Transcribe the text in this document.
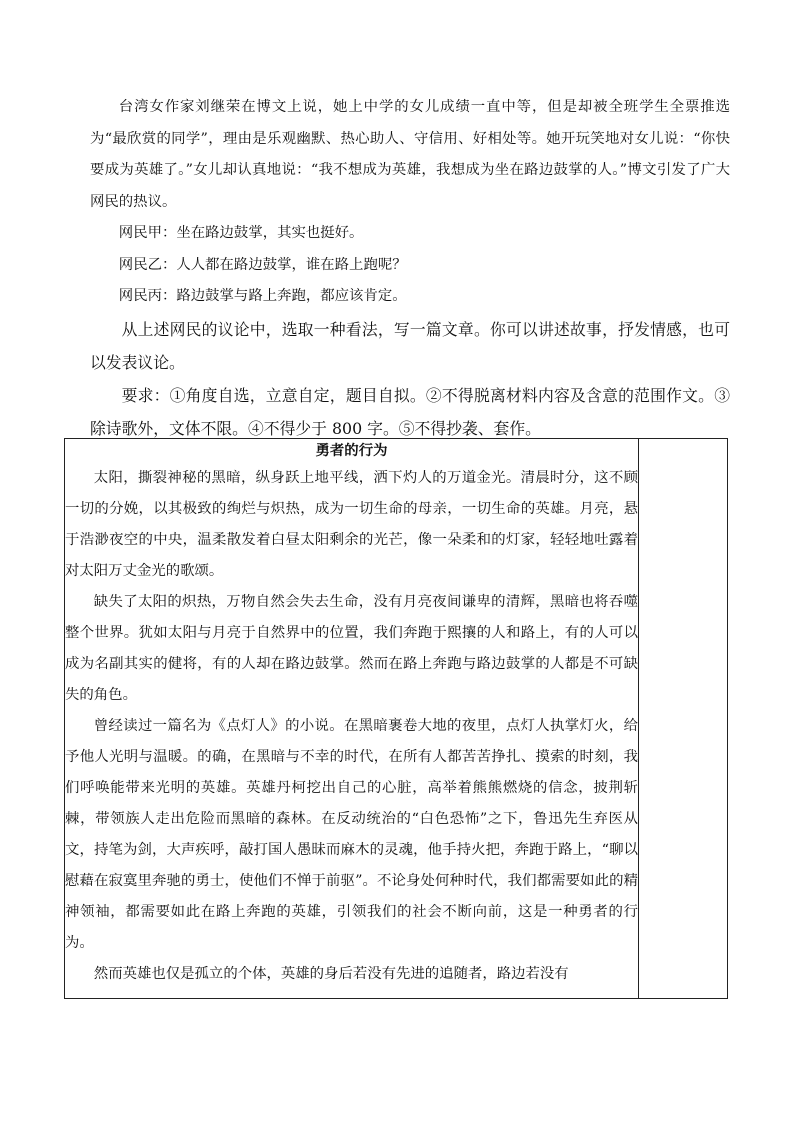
台湾女作家刘继荣在博文上说，她上中学的女儿成绩一直中等，但是却被全班学生全票推选为“最欣赏的同学”，理由是乐观幽默、热心助人、守信用、好相处等。她开玩笑地对女儿说：“你快要成为英雄了。”女儿却认真地说：“我不想成为英雄，我想成为坐在路边鼓掌的人。”博文引发了广大网民的热议。

网民甲：坐在路边鼓掌，其实也挺好。

网民乙：人人都在路边鼓掌，谁在路上跑呢？

网民丙：路边鼓掌与路上奔跑，都应该肯定。

从上述网民的议论中，选取一种看法，写一篇文章。你可以讲述故事，抒发情感，也可以发表议论。

要求：①角度自选，立意自定，题目自拟。②不得脱离材料内容及含意的范围作文。③除诗歌外，文体不限。④不得少于 800 字。⑤不得抄袭、套作。

勇者的行为

太阳，撕裂神秘的黑暗，纵身跃上地平线，洒下灼人的万道金光。清晨时分，这不顾一切的分娩，以其极致的绚烂与炽热，成为一切生命的母亲，一切生命的英雄。月亮，悬于浩渺夜空的中央，温柔散发着白昼太阳剩余的光芒，像一朵柔和的灯家，轻轻地吐露着对太阳万丈金光的歌颂。

缺失了太阳的炽热，万物自然会失去生命，没有月亮夜间谦卑的清辉，黑暗也将吞噬整个世界。犹如太阳与月亮于自然界中的位置，我们奔跑于熙攘的人和路上，有的人可以成为名副其实的健将，有的人却在路边鼓掌。然而在路上奔跑与路边鼓掌的人都是不可缺失的角色。

曾经读过一篇名为《点灯人》的小说。在黑暗裹卷大地的夜里，点灯人执掌灯火，给予他人光明与温暖。的确，在黑暗与不幸的时代，在所有人都苦苦挣扎、摸索的时刻，我们呼唤能带来光明的英雄。英雄丹柯挖出自己的心脏，高举着熊熊燃烧的信念，披荆斩棘，带领族人走出危险而黑暗的森林。在反动统治的“白色恐怖”之下，鲁迅先生弃医从文，持笔为剑，大声疾呼，敲打国人愚昧而麻木的灵魂，他手持火把，奔跑于路上，“聊以慰藉在寂寞里奔驰的勇士，使他们不惮于前驱”。不论身处何种时代，我们都需要如此的精神领袖，都需要如此在路上奔跑的英雄，引领我们的社会不断向前，这是一种勇者的行为。

然而英雄也仅是孤立的个体，英雄的身后若没有先进的追随者，路边若没有
